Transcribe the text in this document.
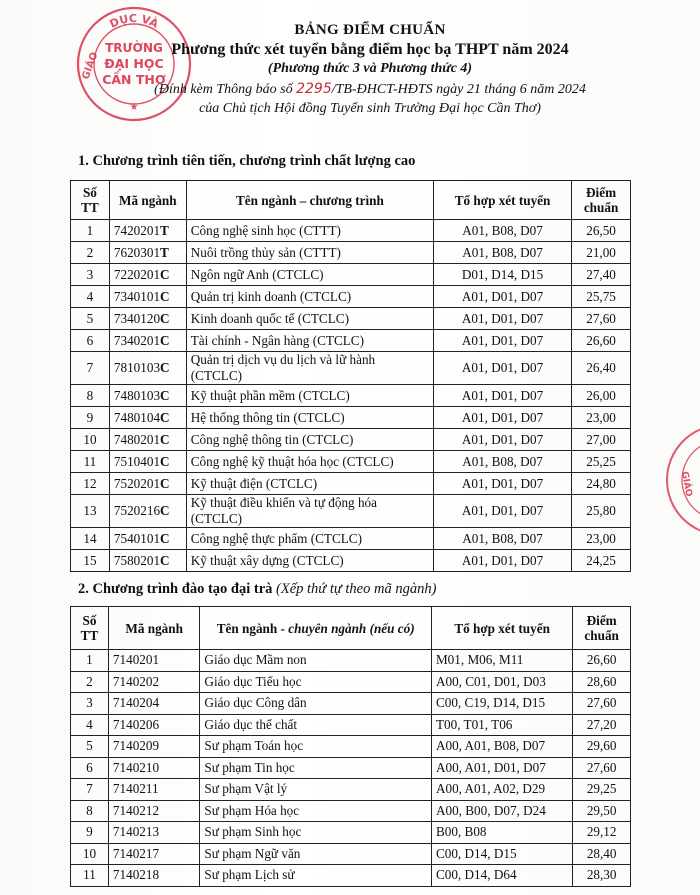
DỤC VÀ
GIÁO
TRƯỜNG
ĐẠI HỌC
CẦN THƠ
★
GIÁO
BẢNG ĐIỂM CHUẨN
Phương thức xét tuyển bằng điểm học bạ THPT năm 2024
(Phương thức 3 và Phương thức 4)
(Đính kèm Thông báo số 2295/TB-ĐHCT-HĐTS ngày 21 tháng 6 năm 2024
của Chủ tịch Hội đồng Tuyển sinh Trường Đại học Cần Thơ)
1. Chương trình tiên tiến, chương trình chất lượng cao
Số TT	Mã ngành	Tên ngành – chương trình	Tổ hợp xét tuyển	Điểm chuẩn
1	7420201T	Công nghệ sinh học (CTTT)	A01, B08, D07	26,50
2	7620301T	Nuôi trồng thủy sản (CTTT)	A01, B08, D07	21,00
3	7220201C	Ngôn ngữ Anh (CTCLC)	D01, D14, D15	27,40
4	7340101C	Quản trị kinh doanh (CTCLC)	A01, D01, D07	25,75
5	7340120C	Kinh doanh quốc tế (CTCLC)	A01, D01, D07	27,60
6	7340201C	Tài chính - Ngân hàng (CTCLC)	A01, D01, D07	26,60
7	7810103C	Quản trị dịch vụ du lịch và lữ hành (CTCLC)	A01, D01, D07	26,40
8	7480103C	Kỹ thuật phần mềm (CTCLC)	A01, D01, D07	26,00
9	7480104C	Hệ thống thông tin (CTCLC)	A01, D01, D07	23,00
10	7480201C	Công nghệ thông tin (CTCLC)	A01, D01, D07	27,00
11	7510401C	Công nghệ kỹ thuật hóa học (CTCLC)	A01, B08, D07	25,25
12	7520201C	Kỹ thuật điện (CTCLC)	A01, D01, D07	24,80
13	7520216C	Kỹ thuật điều khiển và tự động hóa (CTCLC)	A01, D01, D07	25,80
14	7540101C	Công nghệ thực phẩm (CTCLC)	A01, B08, D07	23,00
15	7580201C	Kỹ thuật xây dựng (CTCLC)	A01, D01, D07	24,25
2. Chương trình đào tạo đại trà (Xếp thứ tự theo mã ngành)
Số TT	Mã ngành	Tên ngành - chuyên ngành (nếu có)	Tổ hợp xét tuyển	Điểm chuẩn
1	7140201	Giáo dục Mầm non	M01, M06, M11	26,60
2	7140202	Giáo dục Tiểu học	A00, C01, D01, D03	28,60
3	7140204	Giáo dục Công dân	C00, C19, D14, D15	27,60
4	7140206	Giáo dục thể chất	T00, T01, T06	27,20
5	7140209	Sư phạm Toán học	A00, A01, B08, D07	29,60
6	7140210	Sư phạm Tin học	A00, A01, D01, D07	27,60
7	7140211	Sư phạm Vật lý	A00, A01, A02, D29	29,25
8	7140212	Sư phạm Hóa học	A00, B00, D07, D24	29,50
9	7140213	Sư phạm Sinh học	B00, B08	29,12
10	7140217	Sư phạm Ngữ văn	C00, D14, D15	28,40
11	7140218	Sư phạm Lịch sử	C00, D14, D64	28,30
